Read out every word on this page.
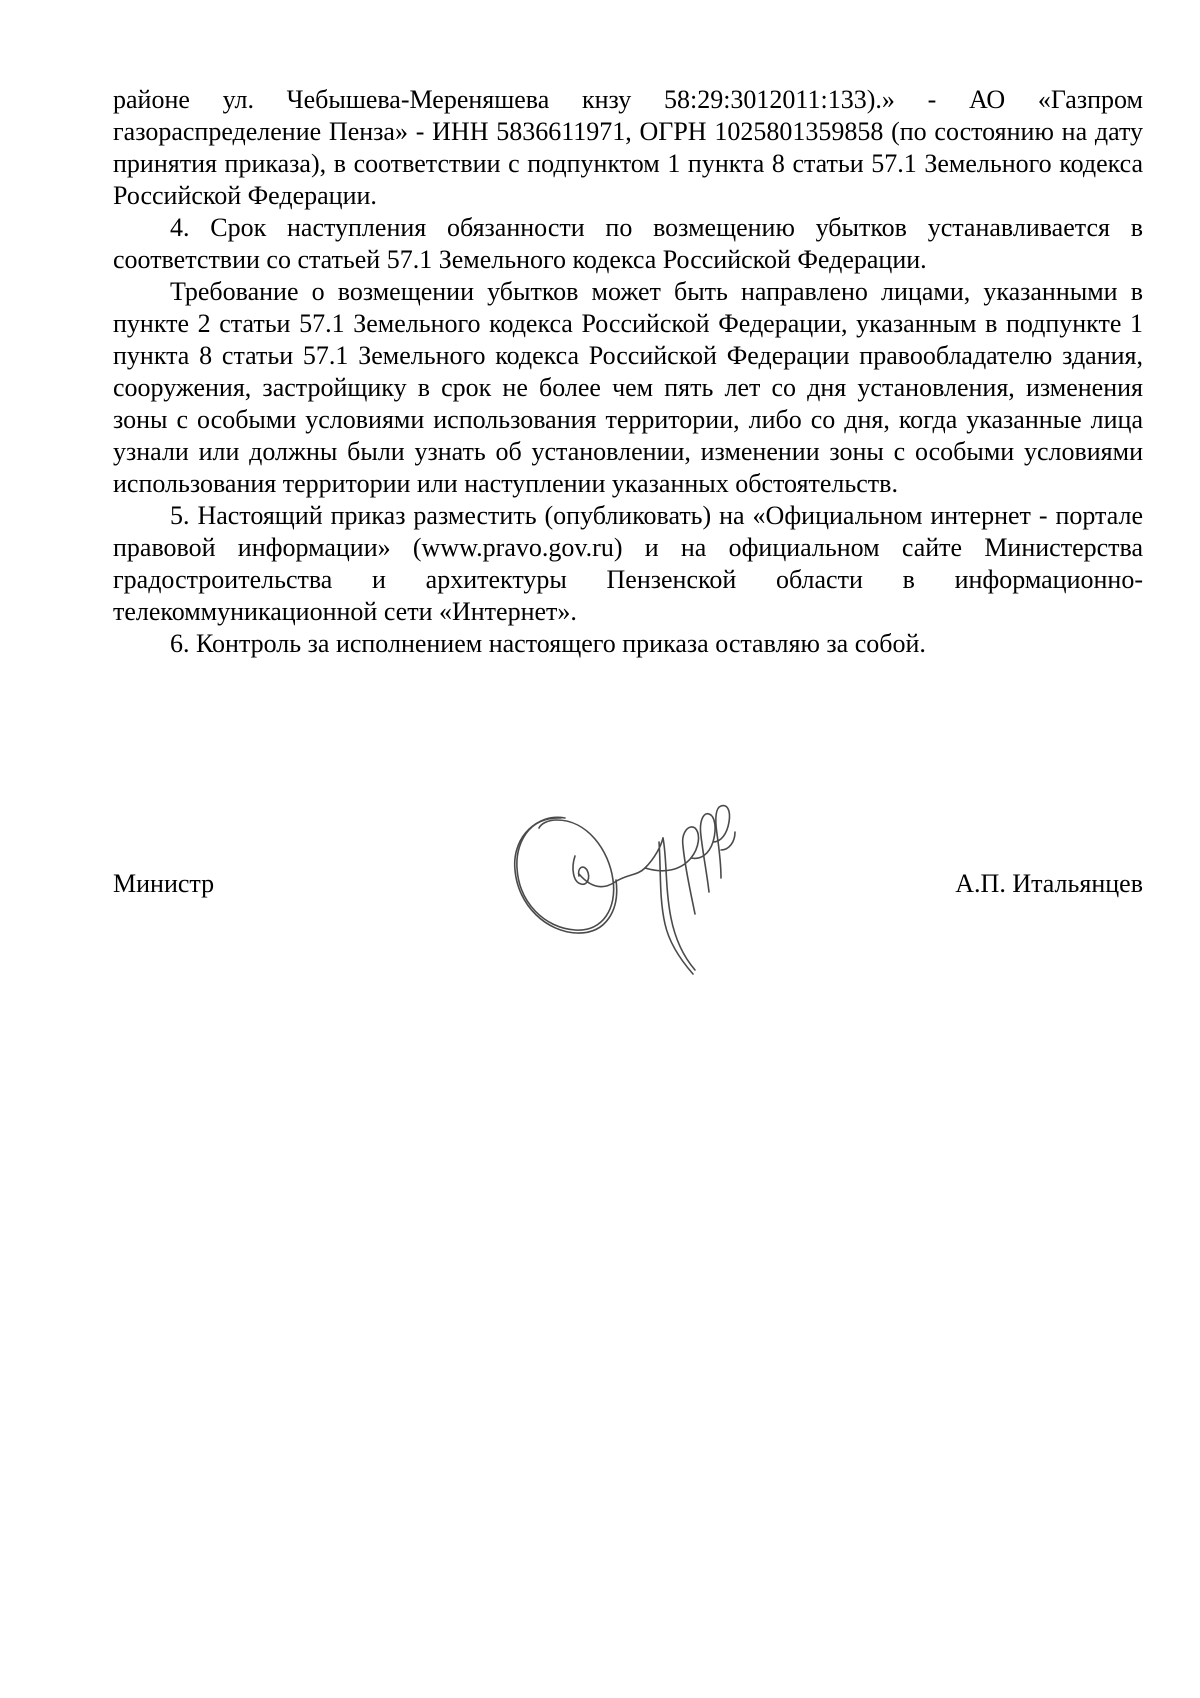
районе ул. Чебышева-Мереняшева кнзу 58:29:3012011:133).» - АО «Газпром газораспределение Пенза» - ИНН 5836611971, ОГРН 1025801359858 (по состоянию на дату принятия приказа), в соответствии с подпунктом 1 пункта 8 статьи 57.1 Земельного кодекса Российской Федерации.

4. Срок наступления обязанности по возмещению убытков устанавливается в соответствии со статьей 57.1 Земельного кодекса Российской Федерации.

Требование о возмещении убытков может быть направлено лицами, указанными в пункте 2 статьи 57.1 Земельного кодекса Российской Федерации, указанным в подпункте 1 пункта 8 статьи 57.1 Земельного кодекса Российской Федерации правообладателю здания, сооружения, застройщику в срок не более чем пять лет со дня установления, изменения зоны с особыми условиями использования территории, либо со дня, когда указанные лица узнали или должны были узнать об установлении, изменении зоны с особыми условиями использования территории или наступлении указанных обстоятельств.

5. Настоящий приказ разместить (опубликовать) на «Официальном интернет - портале правовой информации» (www.pravo.gov.ru) и на официальном сайте Министерства градостроительства и архитектуры Пензенской области в информационно-телекоммуникационной сети «Интернет».

6. Контроль за исполнением настоящего приказа оставляю за собой.

Министр	А.П. Итальянцев
